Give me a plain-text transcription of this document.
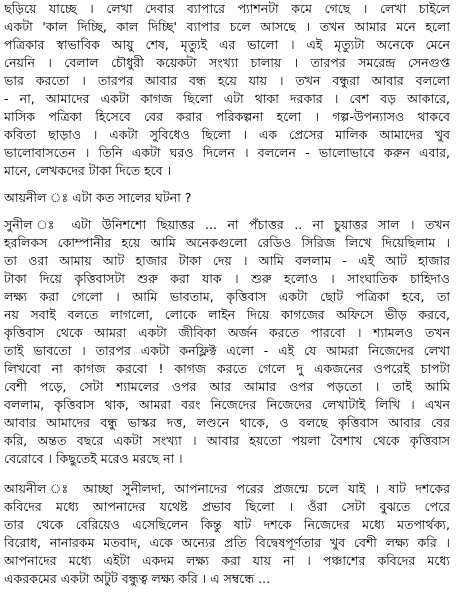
ছড়িয়ে যাচ্ছে । লেখা দেবার ব্যাপারে প্যাশনটা কমে গেছে । লেখা চাইলে
একটা 'কাল দিচ্ছি, কাল দিচ্ছি' ব্যাপার চলে আসছে । তখন আমার মনে হলো
পত্রিকার স্বাভাবিক আয়ু শেষ, মৃত্যুই এর ভালো । এই মৃত্যুটা অনেকে মেনে
নেয়নি । বেলাল চৌধুরী কয়েকটা সংখ্যা চালায় । তারপর সমরেন্দ্র সেনগুপ্ত
ভার করতো । তারপর আবার বন্ধ হয়ে যায় । তখন বন্ধুরা আবার বললো
- না, আমাদের একটা কাগজ ছিলো এটা থাকা দরকার । বেশ বড় আকারে,
মাসিক পত্রিকা হিসেবে বের করার পরিকল্পনা হলো । গল্প-উপন্যাসও থাকবে
কবিতা ছাড়াও । একটা সুবিধেও ছিলো । এক প্রেসের মালিক আমাদের খুব
ভালোবাসতেন । তিনি একটা ঘরও দিলেন । বললেন - ভালোভাবে করুন এবার,
মানে, লেখকদের টাকা দিতে হবে ।
আয়নীল ঃ এটা কত সালের ঘটনা ?
সুনীল ঃ এটা উনিশশো ছিয়াত্তর ... না পঁচাত্তর .. না চুয়াত্তর সাল । তখন
হরলিকস কোম্পানীর হয়ে আমি অনেকগুলো রেডিও সিরিজ লিখে দিয়েছিলাম ।
তা ওরা আমায় আট হাজার টাকা দেয় । আমি বললাম - এই আট হাজার
টাকা দিয়ে কৃত্তিবাসটা শুরু করা যাক । শুরু হলোও । সাংঘাতিক চাহিদাও
লক্ষ্য করা গেলো । আমি ভাবতাম, কৃত্তিবাস একটা ছোট পত্রিকা হবে, তা
নয় সবাই বলতে লাগলো, লোকে লাইন দিয়ে কাগজের অফিসে ভীড় করবে,
কৃত্তিবাস থেকে আমরা একটা জীবিকা অর্জন করতে পারবো । শ্যামলও তখন
তাই ভাবতো । তারপর একটা কনফ্লিক্ট এলো - এই যে আমরা নিজেদের লেখা
লিখবো না কাগজ করবো ! কাগজ করতে গেলে দু একজনের ওপরেই চাপটা
বেশী পড়ে, সেটা শ্যামলের ওপর আর আমার ওপর পড়তো । তাই আমি
বললাম, কৃত্তিবাস থাক, আমরা বরং নিজেদের নিজেদের লেখাটাই লিখি । এখন
আবার আমাদের বন্ধু ভাস্কর দত্ত, লণ্ডনে থাকে, ও বলছে কৃত্তিবাস আবার বের
করি, অন্তত বছরে একটা সংখ্যা । আবার হয়তো পয়লা বৈশাখ থেকে কৃত্তিবাস
বেরোবে । কিছুতেই মরেও মরছে না ।
আয়নীল ঃ আচ্ছা সুনীলদা, আপনাদের পরের প্রজন্মে চলে যাই । ষাট দশকের
কবিদের মধ্যে আপনাদের যথেষ্ট প্রভাব ছিলো । ওঁরা সেটা বুঝতে পেরে
তার থেকে বেরিয়েও এসেছিলেন কিন্তু ষাট দশকে নিজেদের মধ্যে মতপার্থক্য,
বিরোধ, নানারকম মতবাদ, একে অন্যের প্রতি বিদ্বেষপূর্ণতার খুব বেশী লক্ষ্য করি ।
আপনাদের মধ্যে এইটা একদম লক্ষ্য করা যায় না । পঞ্চাশের কবিদের মধ্যে
একরকমের একটা অটুট বন্ধুত্ব লক্ষ্য করি । এ সম্বন্ধে ...
